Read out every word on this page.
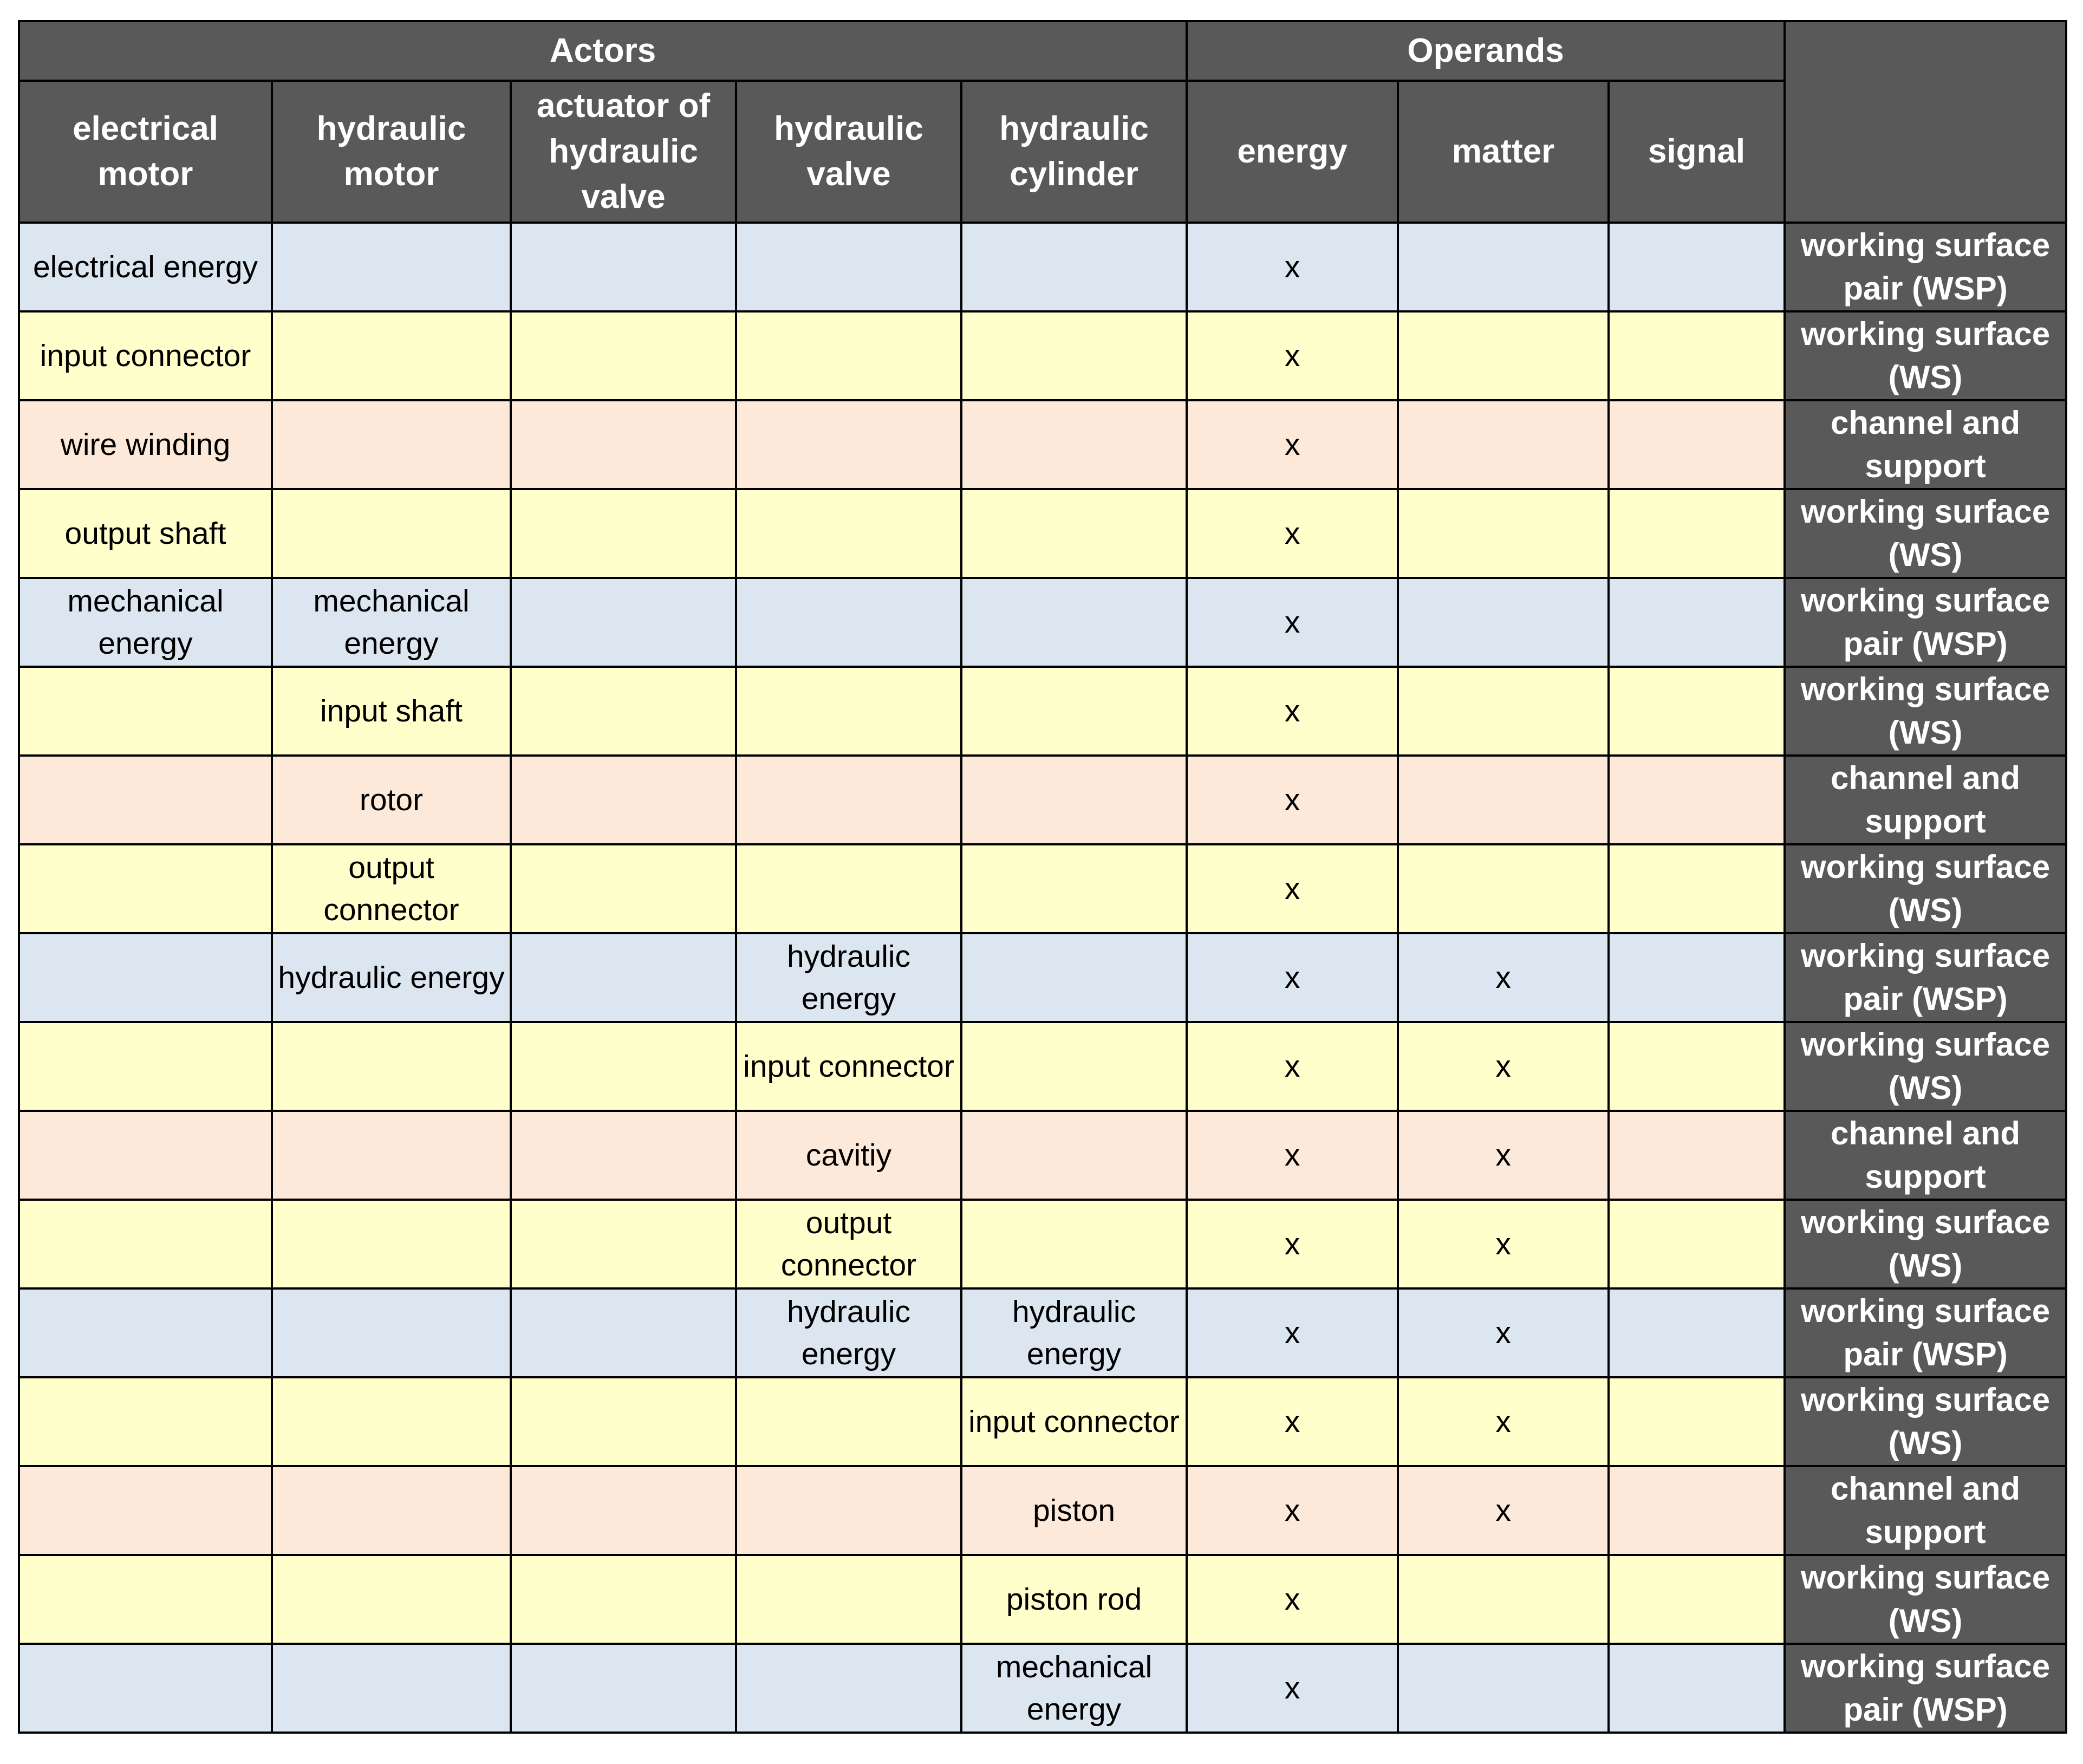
Actors					Operands			
electrical motor	hydraulic motor	actuator of hydraulic valve	hydraulic valve	hydraulic cylinder	energy	matter	signal	
electrical energy					x			working surface pair (WSP)
input connector					x			working surface (WS)
wire winding					x			channel and support
output shaft					x			working surface (WS)
mechanical energy	mechanical energy				x			working surface pair (WSP)
	input shaft				x			working surface (WS)
	rotor				x			channel and support
	output connector				x			working surface (WS)
	hydraulic energy		hydraulic energy		x	x		working surface pair (WSP)
			input connector		x	x		working surface (WS)
			cavitiy		x	x		channel and support
			output connector		x	x		working surface (WS)
			hydraulic energy	hydraulic energy	x	x		working surface pair (WSP)
				input connector	x	x		working surface (WS)
				piston	x	x		channel and support
				piston rod	x			working surface (WS)
				mechanical energy	x			working surface pair (WSP)
